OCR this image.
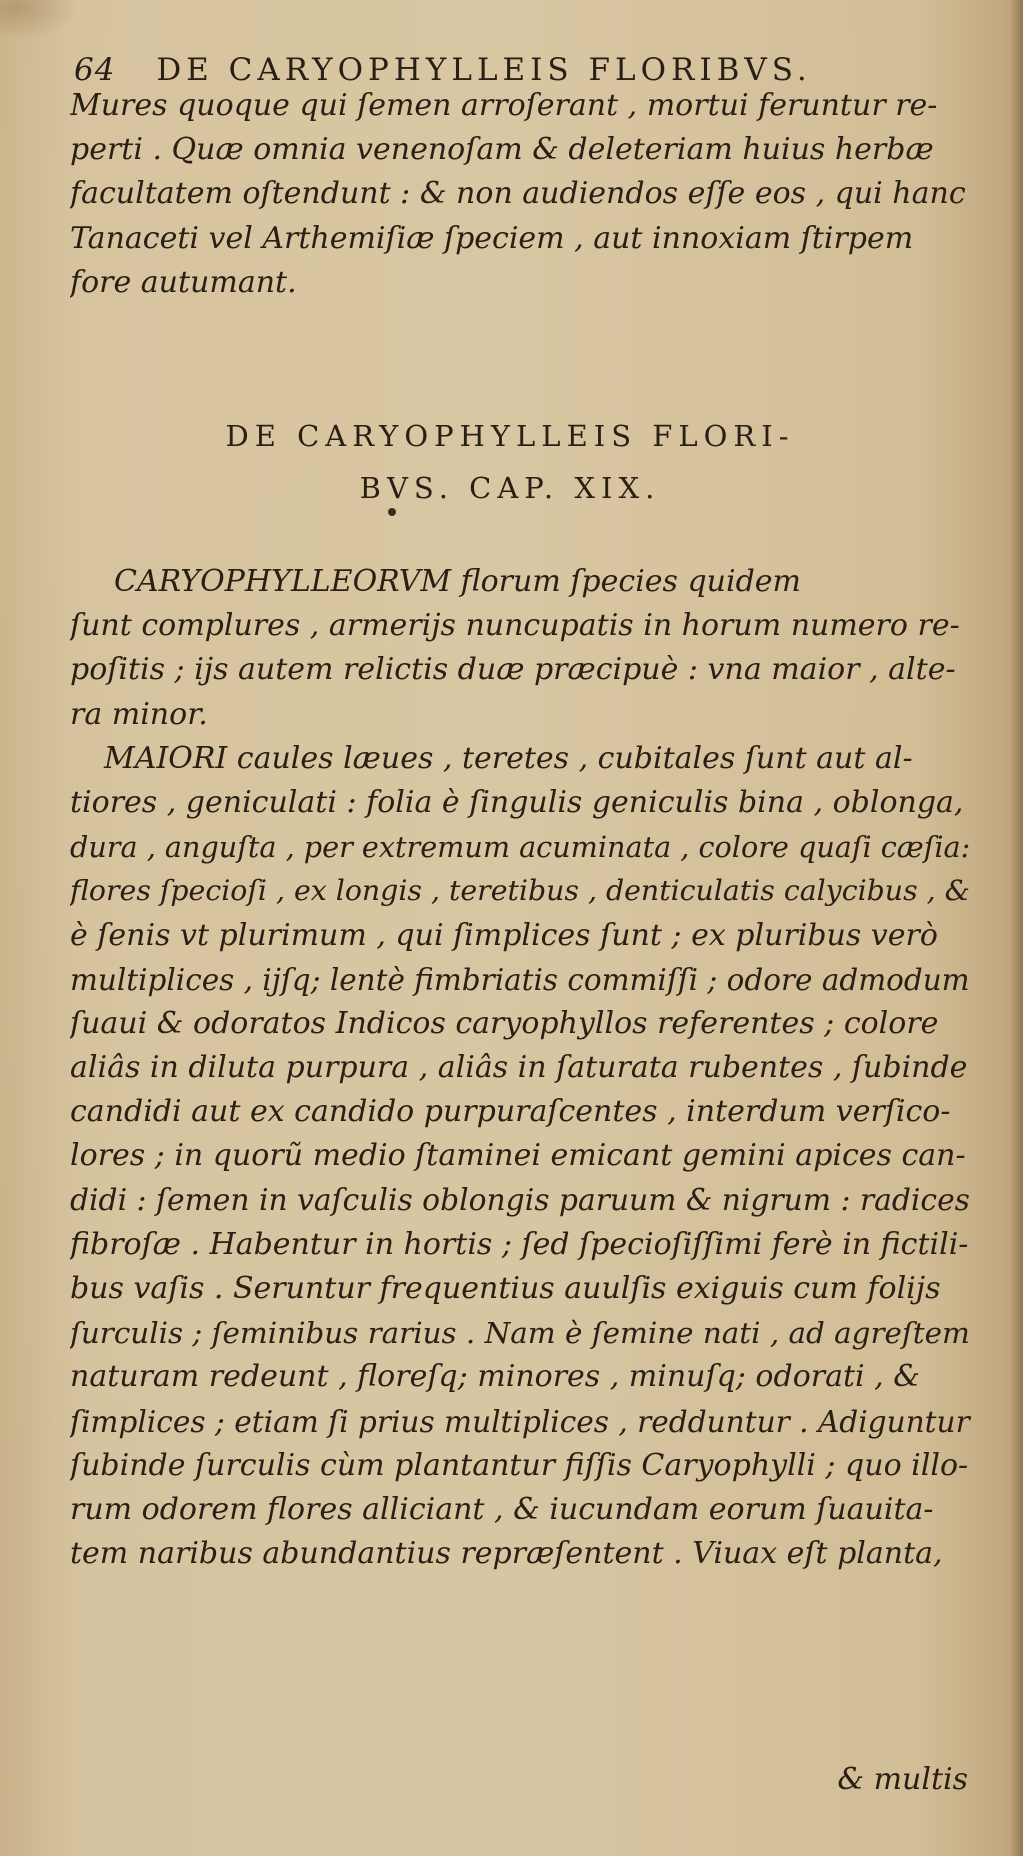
64 DE CARYOPHYLLEIS FLORIBVS.
Mures quoque qui ſemen arroſerant , mortui feruntur re-
perti . Quæ omnia venenoſam & deleteriam huius herbæ
facultatem oſtendunt : & non audiendos eſſe eos , qui hanc
Tanaceti vel Arthemiſiæ ſpeciem , aut innoxiam ſtirpem
fore autumant.
DE CARYOPHYLLEIS FLORI-
BVS. CAP. XIX.
CARYOPHYLLEORVM florum ſpecies quidem
ſunt complures , armerijs nuncupatis in horum numero re-
poſitis ; ijs autem relictis duæ præcipuè : vna maior , alte-
ra minor.
MAIORI caules læues , teretes , cubitales ſunt aut al-
tiores , geniculati : folia è ſingulis geniculis bina , oblonga,
dura , anguſta , per extremum acuminata , colore quaſi cæſia:
flores ſpecioſi , ex longis , teretibus , denticulatis calycibus , &
è ſenis vt plurimum , qui ſimplices ſunt ; ex pluribus verò
multiplices , ijſq; lentè fimbriatis commiſſi ; odore admodum
ſuaui & odoratos Indicos caryophyllos referentes ; colore
aliâs in diluta purpura , aliâs in ſaturata rubentes , ſubinde
candidi aut ex candido purpuraſcentes , interdum verſico-
lores ; in quorũ medio ſtaminei emicant gemini apices can-
didi : ſemen in vaſculis oblongis paruum & nigrum : radices
fibroſæ . Habentur in hortis ; ſed ſpecioſiſſimi ferè in fictili-
bus vaſis . Seruntur frequentius auulſis exiguis cum folijs
ſurculis ; ſeminibus rarius . Nam è ſemine nati , ad agreſtem
naturam redeunt , floreſq; minores , minuſq; odorati , &
ſimplices ; etiam ſi prius multiplices , redduntur . Adiguntur
ſubinde ſurculis cùm plantantur fiſſis Caryophylli ; quo illo-
rum odorem flores alliciant , & iucundam eorum ſuauita-
tem naribus abundantius repræſentent . Viuax eſt planta,
& multis
